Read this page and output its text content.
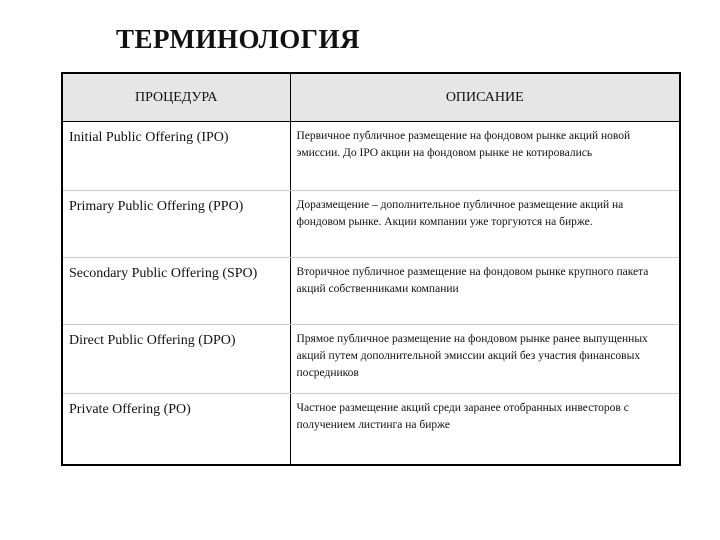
ТЕРМИНОЛОГИЯ
ПРОЦЕДУРА	ОПИСАНИЕ

Initial Public Offering (IPO)	Первичное публичное размещение на фондовом рынке акций новой эмиссии. До IPO акции на фондовом рынке не котировались

Primary Public Offering (PPO)	Доразмещение – дополнительное публичное размещение акций на фондовом рынке. Акции компании уже торгуются на бирже.

Secondary Public Offering (SPO)	Вторичное публичное размещение на фондовом рынке крупного пакета акций собственниками компании

Direct Public Offering (DPO)	Прямое публичное размещение на фондовом рынке ранее выпущенных акций путем дополнительной эмиссии акций без участия финансовых посредников

Private Offering (PO)	Частное размещение акций среди заранее отобранных инвесторов с получением листинга на бирже
